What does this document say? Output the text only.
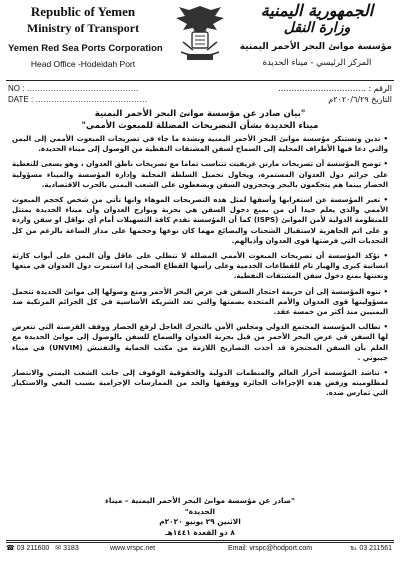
Republic of Yemen
Ministry of Transport
Yemen Red Sea Ports Corporation
Head Office -Hodeidah Port
الجمهورية اليمنية
وزارة النقل
مؤسسة موانئ البحر الأحمر اليمنية
المركز الرئيسي - ميناء الحديدة
NO : ……………………………………
DATE : ……………………………………
الرقم : ……………………………
التاريخ ٢٠٢٠/٦/٢٩م
"بيان صادر عن مؤسسة موانئ البحر الأحمر اليمنية
ميناء الحديدة بشأن التصريحات المضللة للمبعوث الأممي"

• تدين وتستنكر مؤسسة موانئ البحر الأحمر اليمنية وبشدة ما جاء في تصريحات المبعوث الأممي إلى اليمن والتي دعا فيها الأطراف المحلية إلى السماح لسفن المشتقات النفطية من الوصول إلى ميناء الحديدة.

• توضح المؤسسة أن تصريحات مارتن غريفيث تتناسب تماما مع تصريحات ناطق العدوان ، وهو يسعى للتغطية على جرائم دول العدوان المستمرة، ويحاول تحميل السلطة المحلية وإدارة المؤسسة والميناء مسؤولية الحصار بينما هم يتحكمون بالبحر ويحجزون السفن ويضغطون على الشعب اليمني بالحرب الاقتصادية.

• تعبر المؤسسة عن استغرابها وأسفها لمثل هذه التصريحات الموهاء وانها تأتي من شخص كحجم المبعوث الأممي والذي يعلم جيدا أن من يمنع دخول السفن هي بحرية وبوارج العدوان وأن ميناء الحديدة يمتثل للمنظومة الدولية لأمن الموانئ (ISPS) كما أن المؤسسة تقدم كافة التسهيلات أمام أي نواقل او سفن واردة و على اتم الجاهزية لاستقبال الشحنات والبضائع مهما كان نوعها وحجمها على مدار الساعة بالرغم من كل التحديات التي فرضتها قوى العدوان وأذيالهم.

• تؤكد المؤسسة أن تصريحات المبعوث الأممي المضللة لا تنطلي على عاقل وأن اليمن على أبواب كارثة انسانية كبرى والهيار تام للقطاعات الخدمية وعلى رأسها القطاع الصحي إذا استمرت دول العدوان في منعها وتعنتها بمنع دخول سفن المشتقات النفطية.

• تنوه المؤسسة إلى أن جريمة احتجاز السفن في عرض البحر الأحمر ومنع وصولها إلى موانئ الحديدة تتحمل مسؤوليتها قوى العدوان والأمم المتحدة بصمتها والتي تعد الشريكة الأساسية في كل الجرائم المرتكبة ضد اليمنيين منذ أكثر من خمسة عقد.

• تطالب المؤسسة المجتمع الدولي ومجلس الأمن بالتحرك العاجل لرفع الحصار ووقف القرصنة التي تتعرض لها السفن في عرض البحر الأحمر من قبل بحرية العدوان والسماح للسفن بالوصول إلى موانئ الحديدة مع العلم بأن السفن المحتجزة قد أخذت التصاريح اللازمة من مكتب الحماية والتفتيش (UNVIM) في ميناء جيبوتي .

• تناشد المؤسسة أحرار العالم والمنظمات الدولية والحقوقية الوقوف إلى جانب الشعب اليمني والانتصار لمظلوميته ورفض هذه الإجراءات الجائرة ووقفها والحد من الممارسات الإجرامية بسبب البغي والاستكبار التي تمارس ضده.

"صادر عن مؤسسة موانئ البحر الأحمر اليمنية – ميناء الحديدة"
الاثنين ٢٩ يونيو ٢٠٢٠م
٨ ذو القعدة ١٤٤١هـ
☎ 03 211600 ✉ 3183	www.vrspc.net	Email: vrspc@hodport.com	℡ 03 211561
